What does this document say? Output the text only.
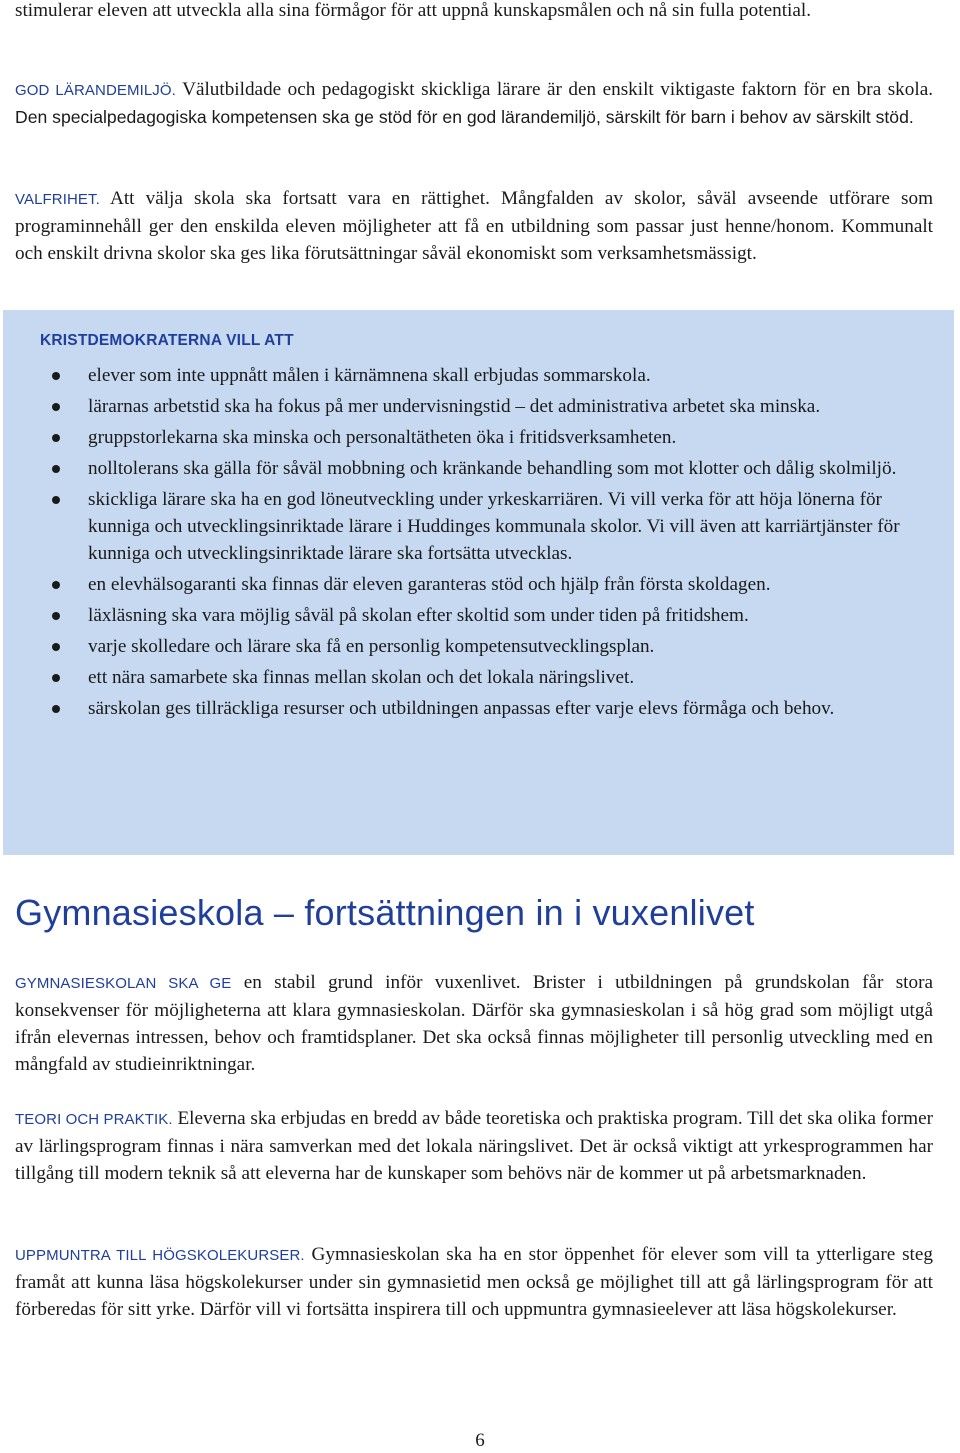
stimulerar eleven att utveckla alla sina förmågor för att uppnå kunskapsmålen och nå sin fulla potential.

GOD LÄRANDEMILJÖ. Välutbildade och pedagogiskt skickliga lärare är den enskilt viktigaste faktorn för en bra skola. Den specialpedagogiska kompetensen ska ge stöd för en god lärandemiljö, särskilt för barn i behov av särskilt stöd.

VALFRIHET. Att välja skola ska fortsatt vara en rättighet. Mångfalden av skolor, såväl avseende utförare som programinnehåll ger den enskilda eleven möjligheter att få en utbildning som passar just henne/honom. Kommunalt och enskilt drivna skolor ska ges lika förutsättningar såväl ekonomiskt som verksamhetsmässigt.

KRISTDEMOKRATERNA VILL ATT
elever som inte uppnått målen i kärnämnena skall erbjudas sommarskola.
lärarnas arbetstid ska ha fokus på mer undervisningstid – det administrativa arbetet ska minska.
gruppstorlekarna ska minska och personaltätheten öka i fritidsverksamheten.
nolltolerans ska gälla för såväl mobbning och kränkande behandling som mot klotter och dålig skolmiljö.
skickliga lärare ska ha en god löneutveckling under yrkeskarriären. Vi vill verka för att höja lönerna för kunniga och utvecklingsinriktade lärare i Huddinges kommunala skolor. Vi vill även att karriärtjänster för kunniga och utvecklingsinriktade lärare ska fortsätta utvecklas.
en elevhälsogaranti ska finnas där eleven garanteras stöd och hjälp från första skoldagen.
läxläsning ska vara möjlig såväl på skolan efter skoltid som under tiden på fritidshem.
varje skolledare och lärare ska få en personlig kompetensutvecklingsplan.
ett nära samarbete ska finnas mellan skolan och det lokala näringslivet.
särskolan ges tillräckliga resurser och utbildningen anpassas efter varje elevs förmåga och behov.
Gymnasieskola – fortsättningen in i vuxenlivet

GYMNASIESKOLAN SKA GE en stabil grund inför vuxenlivet. Brister i utbildningen på grundskolan får stora konsekvenser för möjligheterna att klara gymnasieskolan. Därför ska gymnasieskolan i så hög grad som möjligt utgå ifrån elevernas intressen, behov och framtidsplaner. Det ska också finnas möjligheter till personlig utveckling med en mångfald av studieinriktningar.

TEORI OCH PRAKTIK. Eleverna ska erbjudas en bredd av både teoretiska och praktiska program. Till det ska olika former av lärlingsprogram finnas i nära samverkan med det lokala näringslivet. Det är också viktigt att yrkesprogrammen har tillgång till modern teknik så att eleverna har de kunskaper som behövs när de kommer ut på arbetsmarknaden.

UPPMUNTRA TILL HÖGSKOLEKURSER. Gymnasieskolan ska ha en stor öppenhet för elever som vill ta ytterligare steg framåt att kunna läsa högskolekurser under sin gymnasietid men också ge möjlighet till att gå lärlingsprogram för att förberedas för sitt yrke. Därför vill vi fortsätta inspirera till och uppmuntra gymnasieelever att läsa högskolekurser.

6
